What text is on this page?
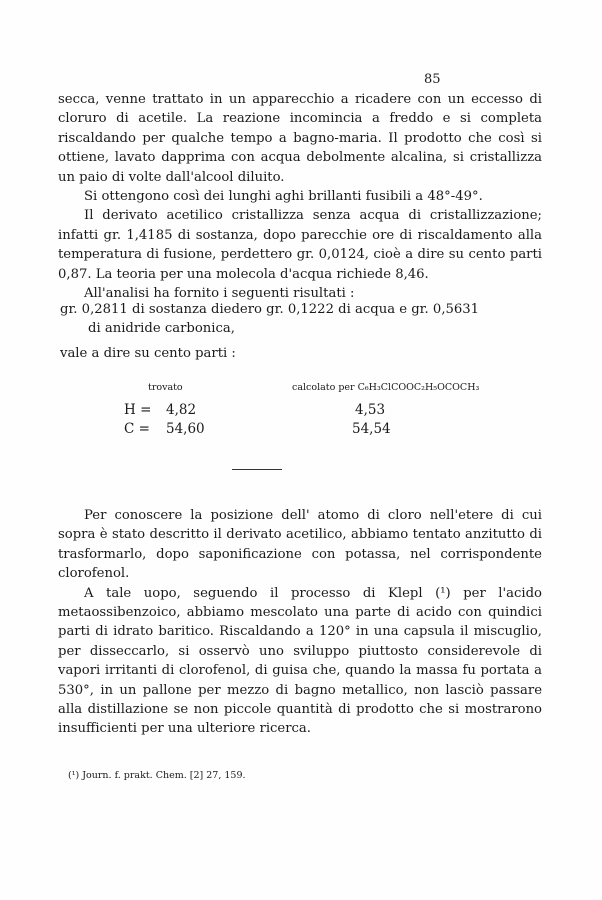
85

secca, venne trattato in un apparecchio a ricadere con un eccesso di cloruro di acetile. La reazione incomincia a freddo e si completa riscaldando per qualche tempo a bagno-maria. Il prodotto che così si ottiene, lavato dapprima con acqua debolmente alcalina, si cristallizza un paio di volte dall'alcool diluito.

Si ottengono così dei lunghi aghi brillanti fusibili a 48°-49°.

Il derivato acetilico cristallizza senza acqua di cristallizzazione; infatti gr. 1,4185 di sostanza, dopo parecchie ore di riscaldamento alla temperatura di fusione, perdettero gr. 0,0124, cioè a dire su cento parti 0,87. La teoria per una molecola d'acqua richiede 8,46.

All'analisi ha fornito i seguenti risultati :

gr. 0,2811 di sostanza diedero gr. 0,1222 di acqua e gr. 0,5631
di anidride carbonica,
vale a dire su cento parti :
trovato	calcolato per C₆H₃ClCOOC₂H₅OCOCH₃
H = 4,82	4,53
C = 54,60	54,54

Per conoscere la posizione dell' atomo di cloro nell'etere di cui sopra è stato descritto il derivato acetilico, abbiamo tentato anzitutto di trasformarlo, dopo saponificazione con potassa, nel corrispondente clorofenol.

A tale uopo, seguendo il processo di Klepl (¹) per l'acido metaossibenzoico, abbiamo mescolato una parte di acido con quindici parti di idrato baritico. Riscaldando a 120° in una capsula il miscuglio, per disseccarlo, si osservò uno sviluppo piuttosto considerevole di vapori irritanti di clorofenol, di guisa che, quando la massa fu portata a 530°, in un pallone per mezzo di bagno metallico, non lasciò passare alla distillazione se non piccole quantità di prodotto che si mostrarono insufficienti per una ulteriore ricerca.

(¹) Journ. f. prakt. Chem. [2] 27, 159.
